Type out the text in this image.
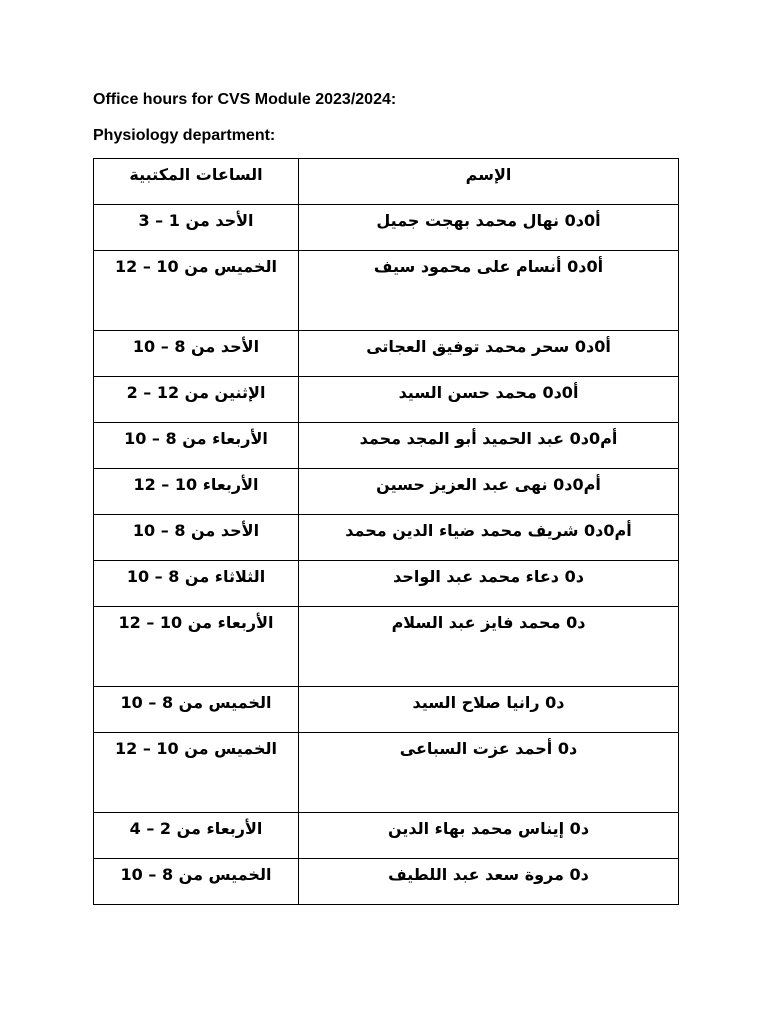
Office hours for CVS Module 2023/2024:
Physiology department:
الساعات المكتبية	الإسم
الأحد من 1 – 3	أ0د0 نهال محمد بهجت جميل
الخميس من 10 – 12	أ0د0 أنسام على محمود سيف
الأحد من 8 – 10	أ0د0 سحر محمد توفيق العجاتى
الإثنين من 12 – 2	أ0د0 محمد حسن السيد
الأربعاء من 8 – 10	أم0د0 عبد الحميد أبو المجد محمد
الأربعاء 10 – 12	أم0د0 نهى عبد العزيز حسين
الأحد من 8 – 10	أم0د0 شريف محمد ضياء الدين محمد
الثلاثاء من 8 – 10	د0 دعاء محمد عبد الواحد
الأربعاء من 10 – 12	د0 محمد فايز عبد السلام
الخميس من 8 – 10	د0 رانيا صلاح السيد
الخميس من 10 – 12	د0 أحمد عزت السباعى
الأربعاء من 2 – 4	د0 إيناس محمد بهاء الدين
الخميس من 8 – 10	د0 مروة سعد عبد اللطيف
